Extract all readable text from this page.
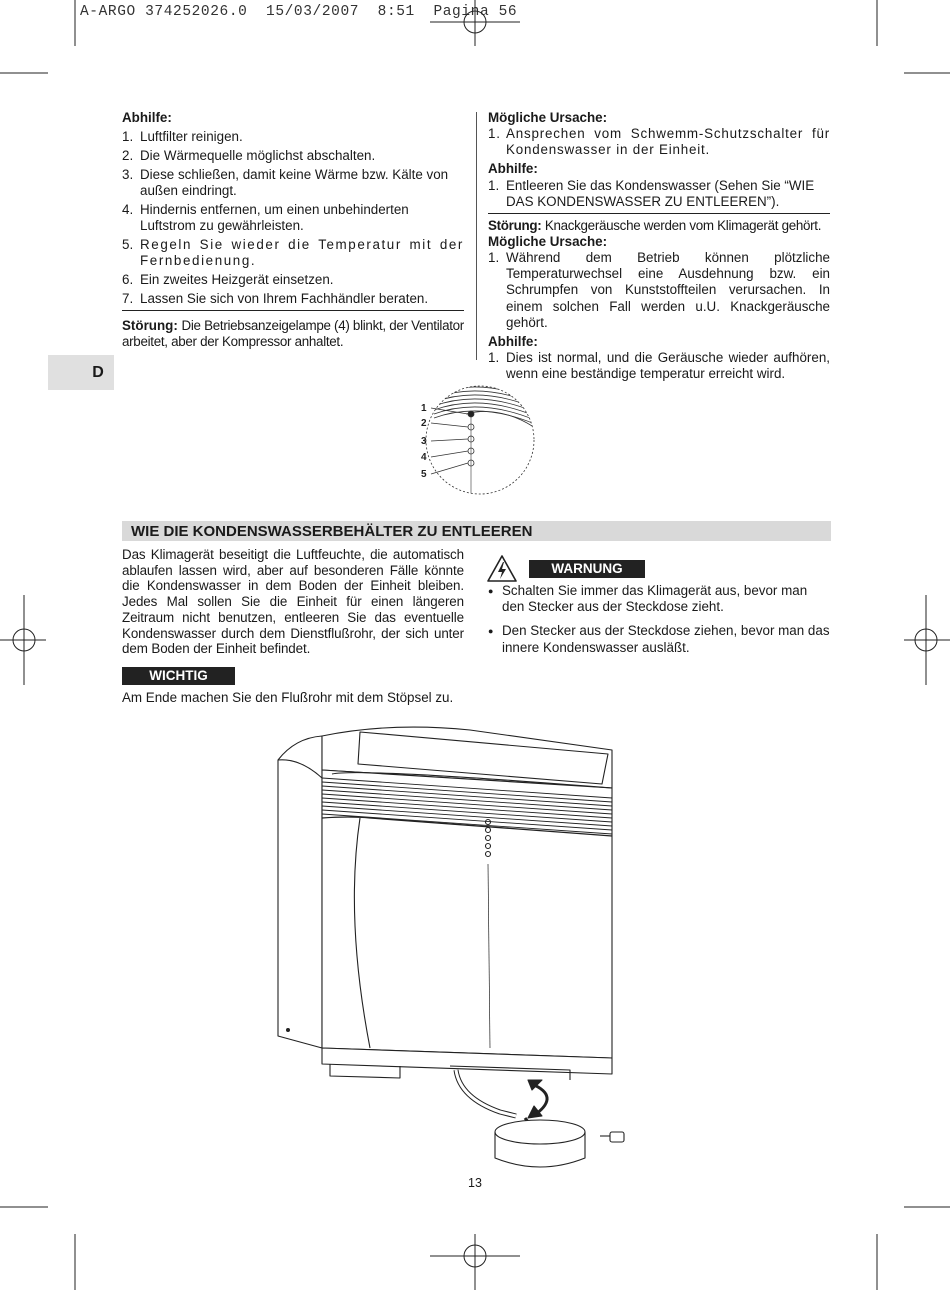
A-ARGO 374252026.0  15/03/2007  8:51  Pagina 56
Abhilfe:
1. Luftfilter reinigen.
2. Die Wärmequelle möglichst abschalten.
3. Diese schließen, damit keine Wärme bzw. Kälte von außen eindringt.
4. Hindernis entfernen, um einen unbehinderten Luftstrom zu gewährleisten.
5. Regeln Sie wieder die Temperatur mit der Fernbedienung.
6. Ein zweites Heizgerät einsetzen.
7. Lassen Sie sich von Ihrem Fachhändler beraten.
Störung: Die Betriebsanzeigelampe (4) blinkt, der Ventilator arbeitet, aber der Kompressor anhaltet.
Mögliche Ursache:
1. Ansprechen vom Schwemm-Schutzschalter für Kondenswasser in der Einheit.
Abhilfe:
1. Entleeren Sie das Kondenswasser (Sehen Sie “WIE DAS KONDENSWASSER ZU ENTLEEREN”).
Störung: Knackgeräusche werden vom Klimagerät gehört.
Mögliche Ursache:
1. Während dem Betrieb können plötzliche Temperaturwechsel eine Ausdehnung bzw. ein Schrumpfen von Kunststoffteilen verursachen. In einem solchen Fall werden u.U. Knackgeräusche gehört.
Abhilfe:
1. Dies ist normal, und die Geräusche wieder aufhören, wenn eine beständige temperatur erreicht wird.
D
1
2
3
4
5
WIE DIE KONDENSWASSERBEHÄLTER ZU ENTLEEREN
Das Klimagerät beseitigt die Luftfeuchte, die automatisch ablaufen lassen wird, aber auf besonderen Fälle könnte die Kondenswasser in dem Boden der Einheit bleiben. Jedes Mal sollen Sie die Einheit für einen längeren Zeitraum nicht benutzen, entleeren Sie das eventuelle Kondenswasser durch dem Dienstflußrohr, der sich unter dem Boden der Einheit befindet.
WICHTIG
Am Ende machen Sie den Flußrohr mit dem Stöpsel zu.
WARNUNG
● Schalten Sie immer das Klimagerät aus, bevor man den Stecker aus der Steckdose zieht.
● Den Stecker aus der Steckdose ziehen, bevor man das innere Kondenswasser ausläßt.
13
